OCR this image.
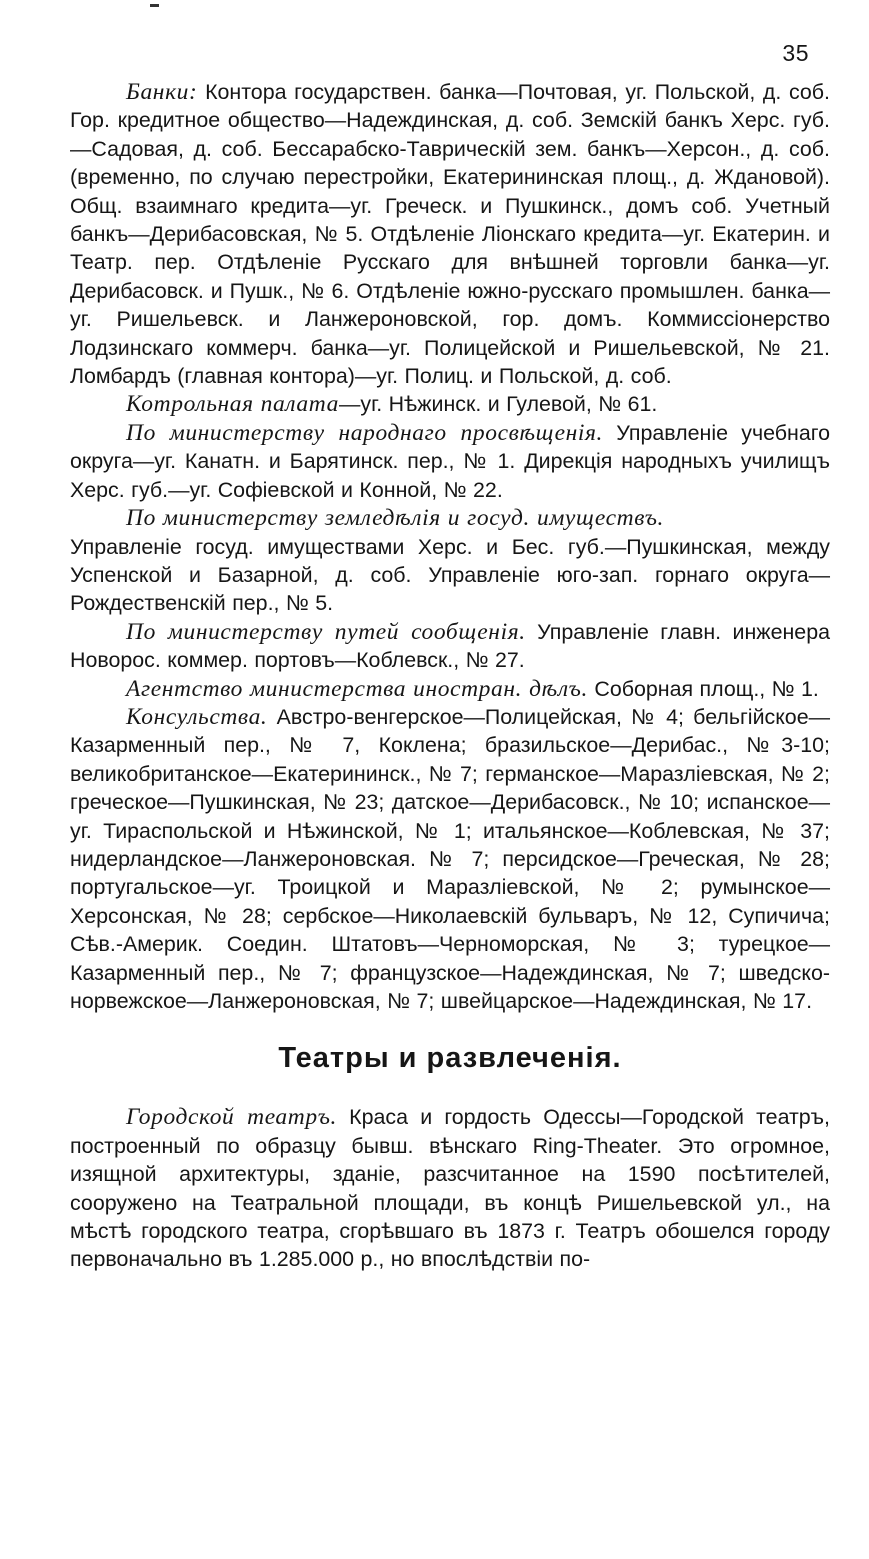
35

Банки: Контора государствен. банка—Почтовая, уг. Польской, д. соб. Гор. кредитное общество—Надеждинская, д. соб. Земскій банкъ Херс. губ.—Садовая, д. соб. Бессарабско-Таврическій зем. банкъ—Херсон., д. соб. (временно, по случаю перестройки, Екатерининская площ., д. Ждановой). Общ. взаимнаго кредита—уг. Греческ. и Пушкинск., домъ соб. Учетный банкъ—Дерибасовская, № 5. Отдѣленіе Ліонскаго кредита—уг. Екатерин. и Театр. пер. Отдѣленіе Русскаго для внѣшней торговли банка—уг. Дерибасовск. и Пушк., № 6. Отдѣленіе южно-русскаго промышлен. банка—уг. Ришельевск. и Ланжероновской, гор. домъ. Коммиссіонерство Лодзинскаго коммерч. банка—уг. Полицейской и Ришельевской, № 21. Ломбардъ (главная контора)—уг. Полиц. и Польской, д. соб.

Котрольная палата—уг. Нѣжинск. и Гулевой, № 61.

По министерству народнаго просвѣщенія. Управленіе учебнаго округа—уг. Канатн. и Барятинск. пер., № 1. Дирекція народныхъ училищъ Херс. губ.—уг. Софіевской и Конной, № 22.

По министерству земледѣлія и госуд. имуществъ.
Управленіе госуд. имуществами Херс. и Бес. губ.—Пушкинская, между Успенской и Базарной, д. соб. Управленіе юго-зап. горнаго округа—Рождественскій пер., № 5.

По министерству путей сообщенія. Управленіе главн. инженера Новорос. коммер. портовъ—Коблевск., № 27.

Агентство министерства иностран. дѣлъ. Соборная площ., № 1.

Консульства. Австро-венгерское—Полицейская, № 4; бельгійское—Казарменный пер., № 7, Коклена; бразильское—Дерибас., №3-10; великобританское—Екатерининск., № 7; германское—Маразліевская, № 2; греческое—Пушкинская, № 23; датское—Дерибасовск., № 10; испанское—уг. Тираспольской и Нѣжинской, № 1; итальянское—Коблевская, № 37; нидерландское—Ланжероновская. № 7; персидское—Греческая, № 28; португальское—уг. Троицкой и Маразліевской, № 2; румынское—Херсонская, № 28; сербское—Николаевскій бульваръ, № 12, Супичича; Сѣв.-Америк. Соедин. Штатовъ—Черноморская, № 3; турецкое—Казарменный пер., № 7; французское—Надеждинская, № 7; шведско-норвежское—Ланжероновская, № 7; швейцарское—Надеждинская, № 17.

Театры и развлеченія.

Городской театръ. Краса и гордость Одессы—Городской театръ, построенный по образцу бывш. вѣнскаго Ring-Theater. Это огромное, изящной архитектуры, зданіе, разсчитанное на 1590 посѣтителей, сооружено на Театральной площади, въ концѣ Ришельевской ул., на мѣстѣ городского театра, сгорѣвшаго въ 1873 г. Театръ обошелся городу первоначально въ 1.285.000 р., но впослѣдствіи по-
